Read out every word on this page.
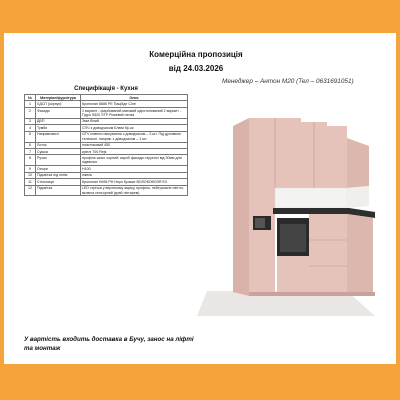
Комерційна пропозиція
від 24.03.2026
Менеджер – Антон M20 (Тел – 0631691051)
Специфікація - Кухня
№	Матеріал/фурнітура	Опис
1	ЛДСП (корпус)	Кронопан 8686 PE Пацбіде Сіле
2	Фасади	1 варіант - фарбований матовий однотонований 2 варіант - Гідро S520 STP Рожевий пенза
3	ДВП	3мм білий
4	Тумби	СПЧ з доводчиком Блюм бр-ок
5	Направляючі	GTV повного висування з доводчиком – 3 шт. Під духовкою телескоп. напряв. з доводчиком – 1 шт
6	Лоток	пластиковий 450
7	Сушка	кріплі 700 Rejs
8	Ручки	профіль шоко чорний; кароб фасади отруєної від 30мм для підвісних
9	Опори	H100
10	Підсвітка під лінію	нікель
11	Стільниця	Кронопан K698 PH Нерo Бракке ВОЛОКОВОЛЯ ЕХ
12	Підсвітка	LED стрічка у верхньому ящику, профіль, нейтральне світло, включа сенсорний (край ліхтарем)
У вартість входить доставка в Бучу, занос на ліфті та монтаж
